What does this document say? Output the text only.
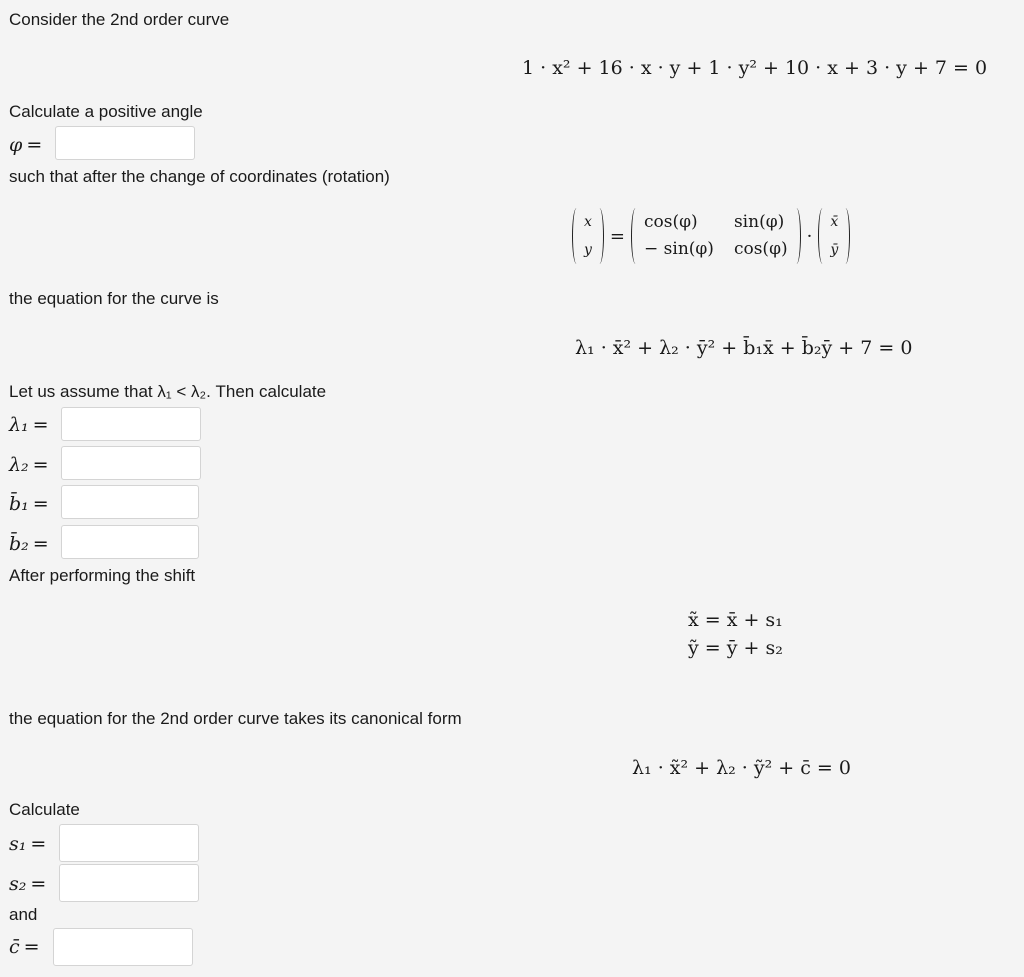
Consider the 2nd order curve
1 · x² + 16 · x · y + 1 · y² + 10 · x + 3 · y + 7 = 0
Calculate a positive angle
φ =
such that after the change of coordinates (rotation)
x
y
=
cos(φ)	sin(φ)
− sin(φ) cos(φ)
·
x̄
ȳ
the equation for the curve is
λ₁ · x̄² + λ₂ · ȳ² + b̄₁x̄ + b̄₂ȳ + 7 = 0
Let us assume that λ₁ < λ₂. Then calculate
λ₁ =
λ₂ =
b̄₁ =
b̄₂ =
After performing the shift
x̃ = x̄ + s₁
ỹ = ȳ + s₂
the equation for the 2nd order curve takes its canonical form
λ₁ · x̃² + λ₂ · ỹ² + c̄ = 0
Calculate
s₁ =
s₂ =
and
c̄ =
